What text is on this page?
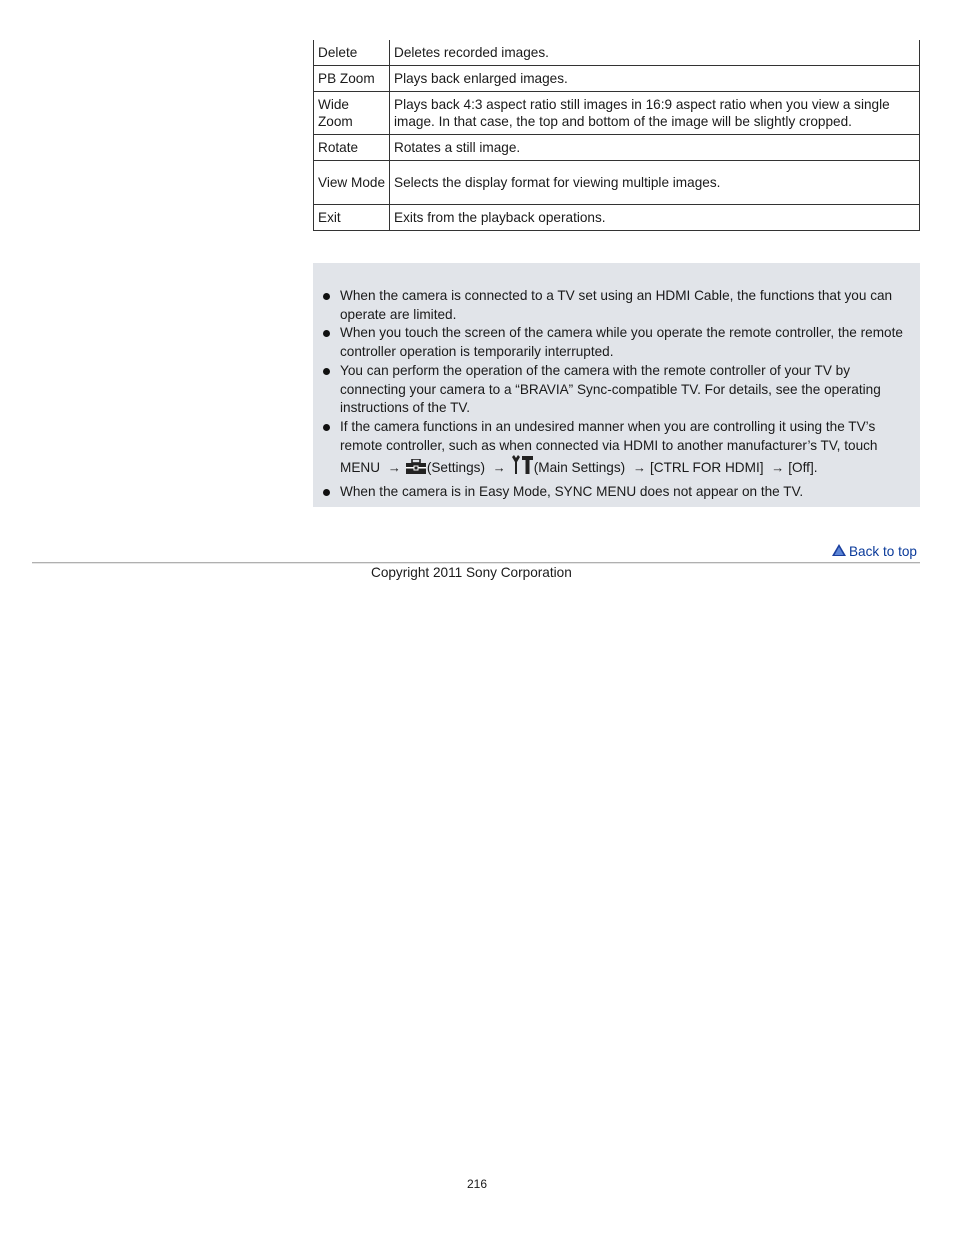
Delete	Deletes recorded images.
PB Zoom	Plays back enlarged images.
Wide Zoom	Plays back 4:3 aspect ratio still images in 16:9 aspect ratio when you view a single image. In that case, the top and bottom of the image will be slightly cropped.
Rotate	Rotates a still image.
View Mode	Selects the display format for viewing multiple images.
Exit	Exits from the playback operations.
When the camera is connected to a TV set using an HDMI Cable, the functions that you can operate are limited.
When you touch the screen of the camera while you operate the remote controller, the remote controller operation is temporarily interrupted.
You can perform the operation of the camera with the remote controller of your TV by connecting your camera to a “BRAVIA” Sync-compatible TV. For details, see the operating instructions of the TV.
If the camera functions in an undesired manner when you are controlling it using the TV’s remote controller, such as when connected via HDMI to another manufacturer’s TV, touch MENU → (Settings) → (Main Settings) → [CTRL FOR HDMI] → [Off].
When the camera is in Easy Mode, SYNC MENU does not appear on the TV.
Back to top
Copyright 2011 Sony Corporation
216
